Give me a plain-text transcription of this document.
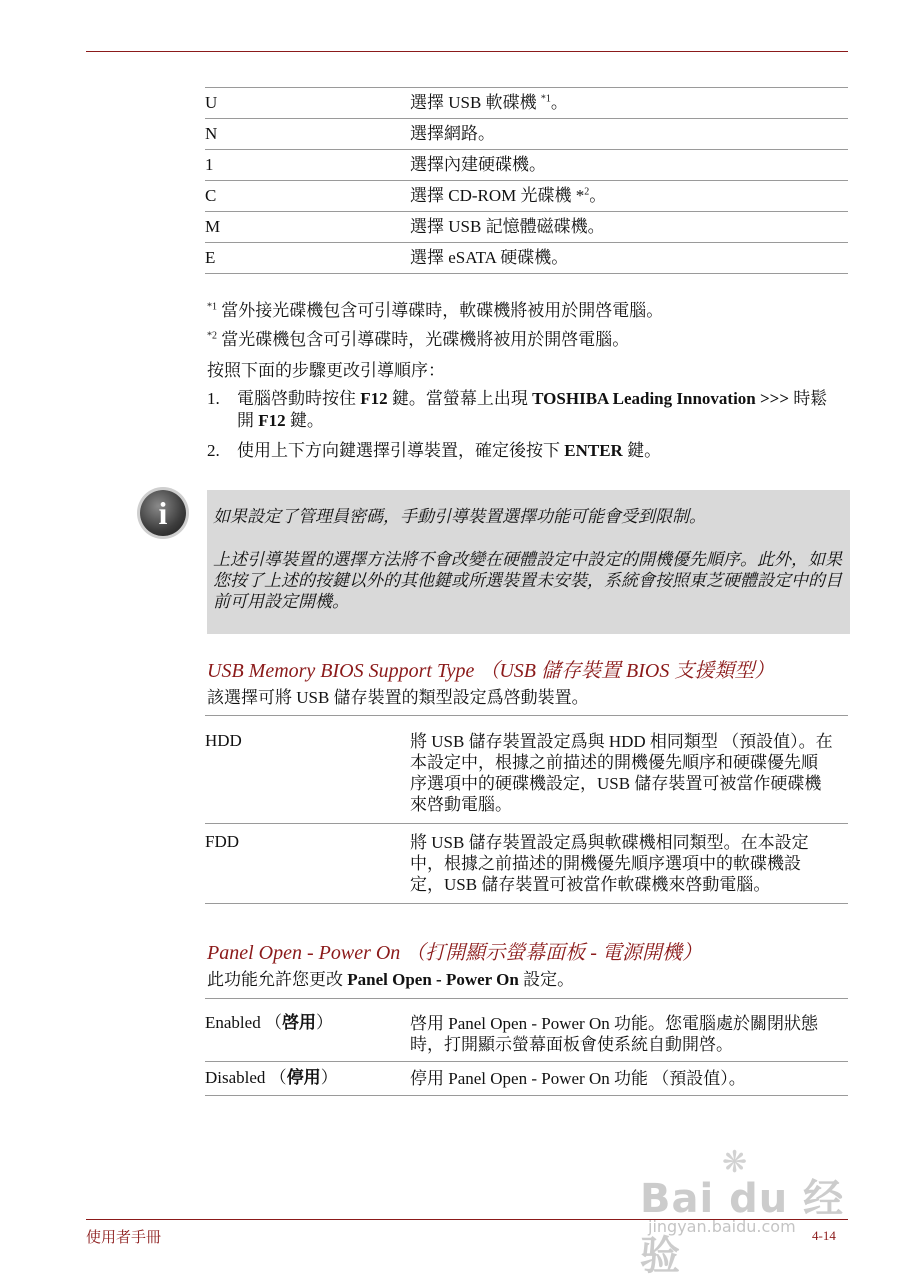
U	選擇 USB 軟碟機 $^{*1}$。
N	選擇網路。
1	選擇內建硬碟機。
C	選擇 CD-ROM 光碟機 *$^2$。
M	選擇 USB 記憶體磁碟機。
E	選擇 eSATA 硬碟機。
$^{*1}$ 當外接光碟機包含可引導碟時，軟碟機將被用於開啓電腦。
$^{*2}$ 當光碟機包含可引導碟時，光碟機將被用於開啓電腦。
按照下面的步驟更改引導順序：
1.	電腦啓動時按住 F12 鍵。當螢幕上出現 TOSHIBA Leading Innovation >>> 時鬆開 F12 鍵。
2.	使用上下方向鍵選擇引導裝置，確定後按下 ENTER 鍵。
i	如果設定了管理員密碼，手動引導裝置選擇功能可能會受到限制。

上述引導裝置的選擇方法將不會改變在硬體設定中設定的開機優先順序。此外，如果您按了上述的按鍵以外的其他鍵或所選裝置未安裝，系統會按照東芝硬體設定中的目前可用設定開機。

USB Memory BIOS Support Type （USB 儲存裝置 BIOS 支援類型）
該選擇可將 USB 儲存裝置的類型設定爲啓動裝置。
HDD	將 USB 儲存裝置設定爲與 HDD 相同類型 （預設值）。在本設定中，根據之前描述的開機優先順序和硬碟優先順序選項中的硬碟機設定，USB 儲存裝置可被當作硬碟機來啓動電腦。
FDD	將 USB 儲存裝置設定爲與軟碟機相同類型。在本設定中，根據之前描述的開機優先順序選項中的軟碟機設定，USB 儲存裝置可被當作軟碟機來啓動電腦。
Panel Open - Power On （打開顯示螢幕面板 - 電源開機）
此功能允許您更改 Panel Open - Power On 設定。
Enabled （啓用）	啓用 Panel Open - Power On 功能。您電腦處於關閉狀態時，打開顯示螢幕面板會使系統自動開啓。
Disabled （停用）	停用 Panel Open - Power On 功能 （預設值）。
❋
Bai du 经验
jingyan.baidu.com
使用者手冊	4-14
